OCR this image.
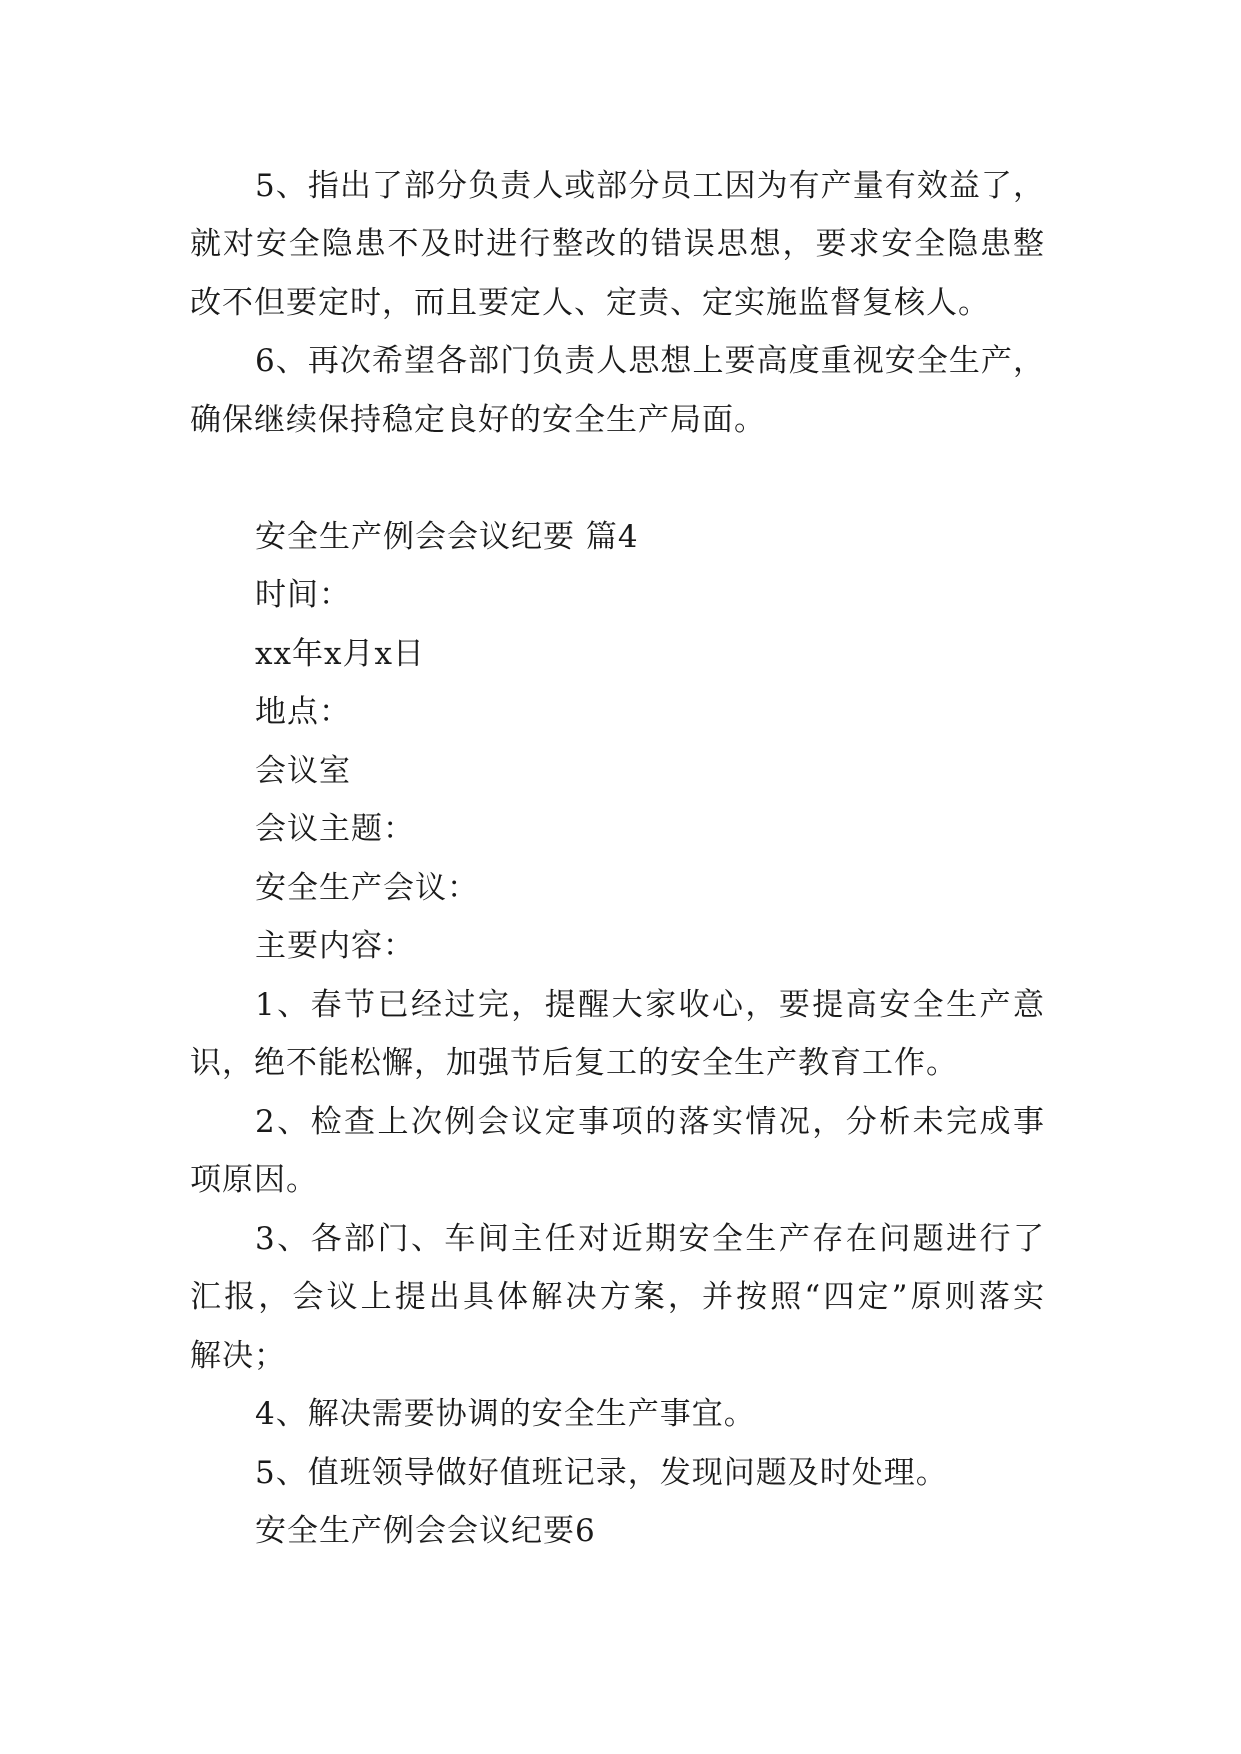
5、指出了部分负责人或部分员工因为有产量有效益了，
就对安全隐患不及时进行整改的错误思想，要求安全隐患整
改不但要定时，而且要定人、定责、定实施监督复核人。
6、再次希望各部门负责人思想上要高度重视安全生产，
确保继续保持稳定良好的安全生产局面。
安全生产例会会议纪要 篇4
时间：
xx年x月x日
地点：
会议室
会议主题：
安全生产会议：
主要内容：
1、春节已经过完，提醒大家收心，要提高安全生产意
识，绝不能松懈，加强节后复工的安全生产教育工作。
2、检查上次例会议定事项的落实情况，分析未完成事
项原因。
3、各部门、车间主任对近期安全生产存在问题进行了
汇报，会议上提出具体解决方案，并按照“四定”原则落实
解决；
4、解决需要协调的安全生产事宜。
5、值班领导做好值班记录，发现问题及时处理。
安全生产例会会议纪要6
